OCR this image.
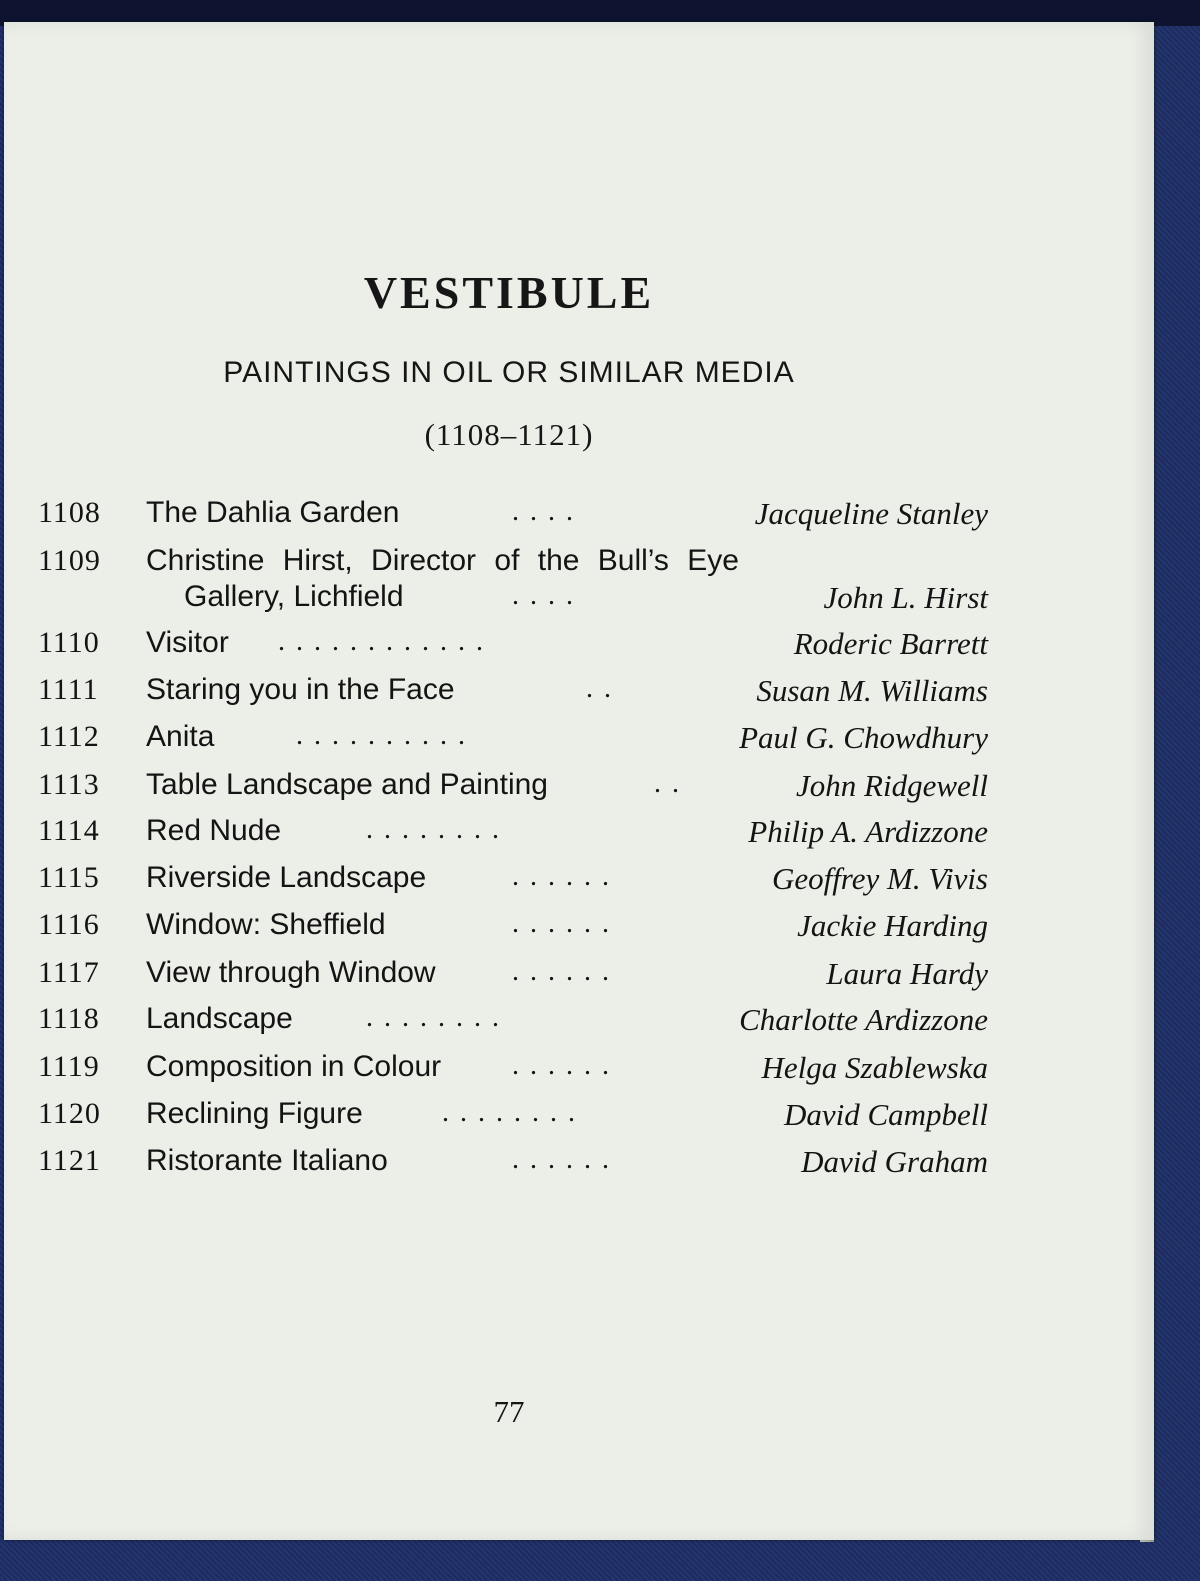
VESTIBULE
PAINTINGS IN OIL OR SIMILAR MEDIA
(1108–1121)
1108 The Dahlia Garden	. . . .	Jacqueline Stanley
1109 Christine Hirst, Director of the Bull’s Eye
Gallery, Lichfield	. . . .	John L. Hirst
1110 Visitor . . . . . . . . . . . .	Roderic Barrett
1111 Staring you in the Face	. .	Susan M. Williams
1112 Anita	. . . . . . . . . .	Paul G. Chowdhury
1113 Table Landscape and Painting	. .	John Ridgewell
1114 Red Nude	. . . . . . . .	Philip A. Ardizzone
1115 Riverside Landscape	. . . . . .	Geoffrey M. Vivis
1116 Window: Sheffield	. . . . . .	Jackie Harding
1117 View through Window	. . . . . .	Laura Hardy
1118 Landscape	. . . . . . . .	Charlotte Ardizzone
1119 Composition in Colour	. . . . . .	Helga Szablewska
1120 Reclining Figure	. . . . . . . .	David Campbell
1121 Ristorante Italiano	. . . . . .	David Graham
77
